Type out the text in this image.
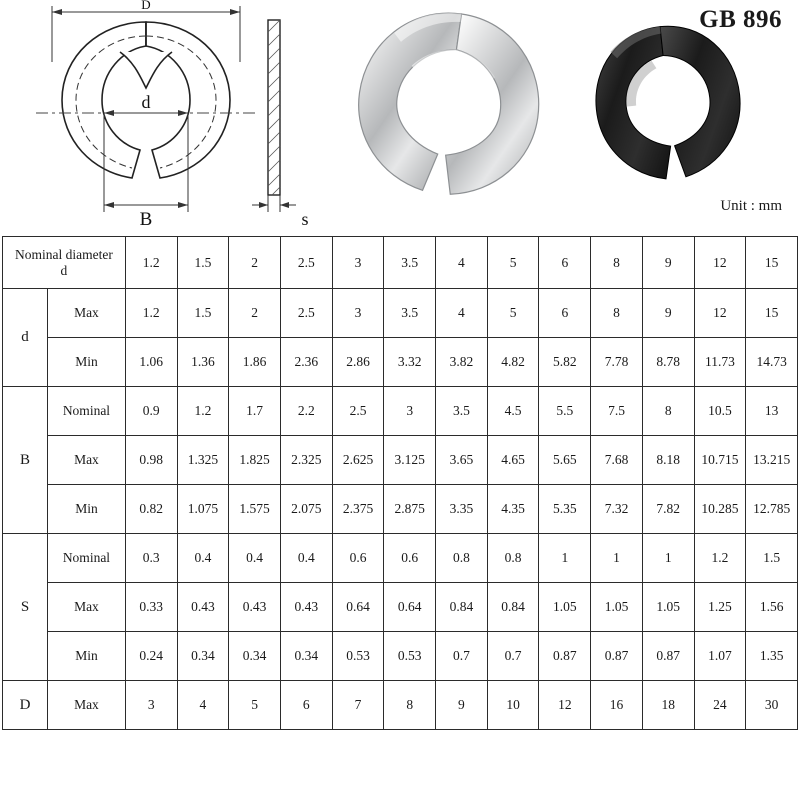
D
d
B	s
GB 896
Unit : mm
Nominal diameter
d		1.2	1.5	2	2.5	3	3.5	4	5	6	8	9	12	15
d	Max	1.2	1.5	2	2.5	3	3.5	4	5	6	8	9	12	15
	Min	1.06	1.36	1.86	2.36	2.86	3.32	3.82	4.82	5.82	7.78	8.78	11.73	14.73
B	Nominal	0.9	1.2	1.7	2.2	2.5	3	3.5	4.5	5.5	7.5	8	10.5	13
	Max	0.98	1.325	1.825	2.325	2.625	3.125	3.65	4.65	5.65	7.68	8.18	10.715	13.215
	Min	0.82	1.075	1.575	2.075	2.375	2.875	3.35	4.35	5.35	7.32	7.82	10.285	12.785
S	Nominal	0.3	0.4	0.4	0.4	0.6	0.6	0.8	0.8	1	1	1	1.2	1.5
	Max	0.33	0.43	0.43	0.43	0.64	0.64	0.84	0.84	1.05	1.05	1.05	1.25	1.56
	Min	0.24	0.34	0.34	0.34	0.53	0.53	0.7	0.7	0.87	0.87	0.87	1.07	1.35
D	Max	3	4	5	6	7	8	9	10	12	16	18	24	30
